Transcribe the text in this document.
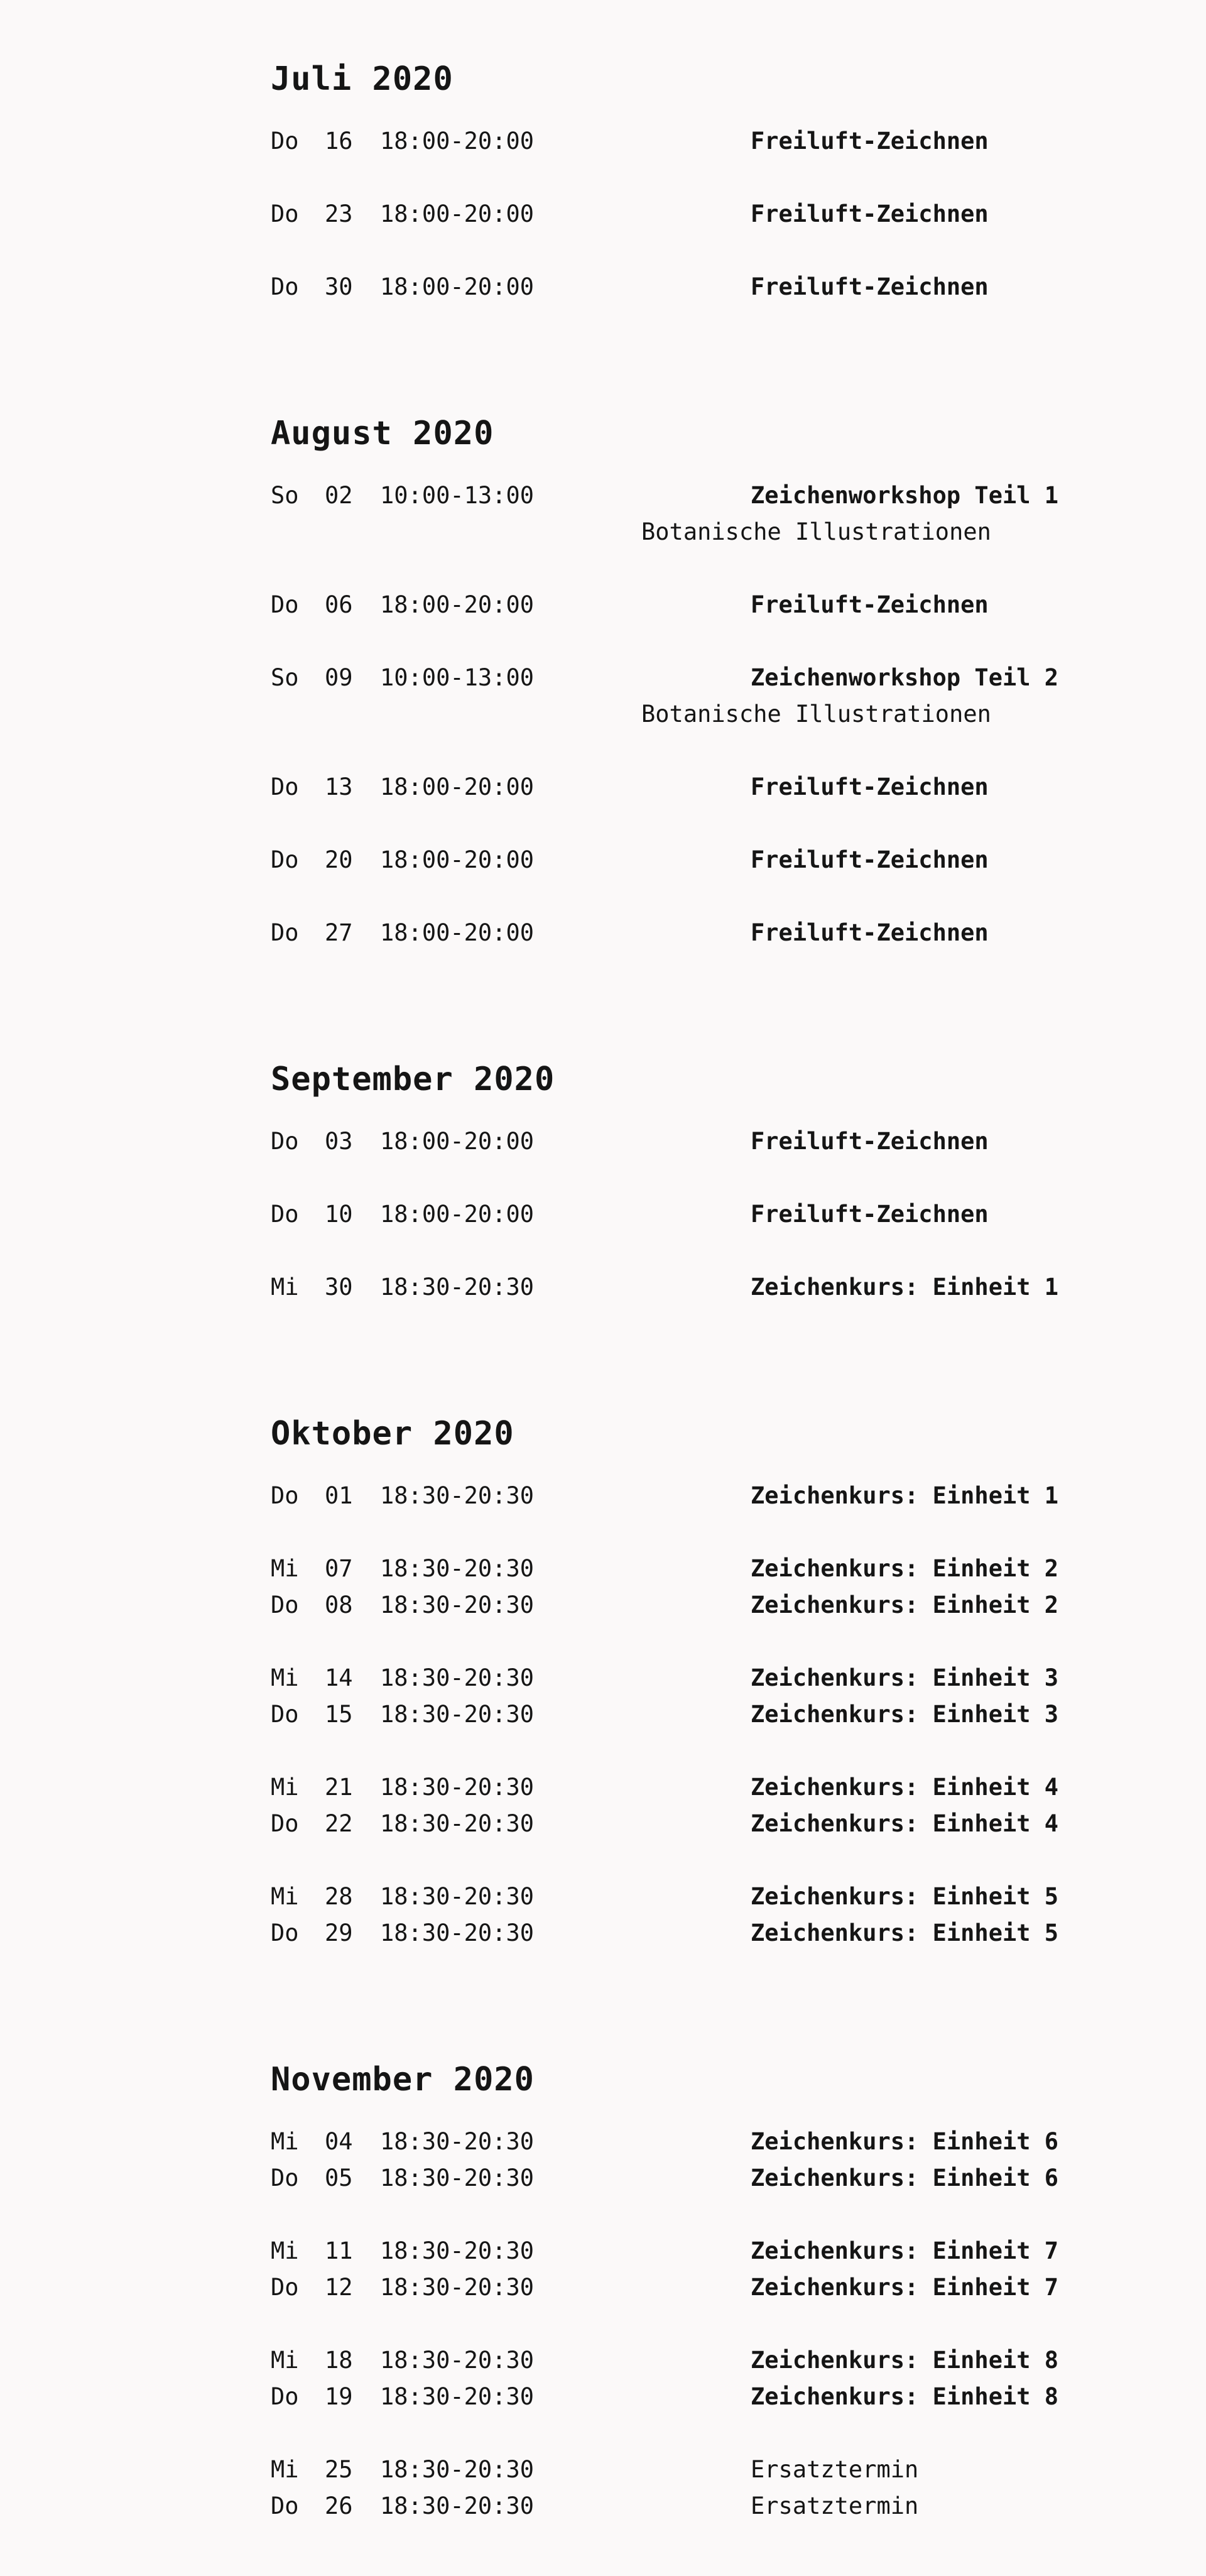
Juli 2020
Do	16	18:00-20:00	Freiluft-Zeichnen
Do	23	18:00-20:00	Freiluft-Zeichnen
Do	30	18:00-20:00	Freiluft-Zeichnen
August 2020
So	02	10:00-13:00	Zeichenworkshop Teil 1
Botanische Illustrationen
Do	06	18:00-20:00	Freiluft-Zeichnen
So	09	10:00-13:00	Zeichenworkshop Teil 2
Botanische Illustrationen
Do	13	18:00-20:00	Freiluft-Zeichnen
Do	20	18:00-20:00	Freiluft-Zeichnen
Do	27	18:00-20:00	Freiluft-Zeichnen
September 2020
Do	03	18:00-20:00	Freiluft-Zeichnen
Do	10	18:00-20:00	Freiluft-Zeichnen
Mi	30	18:30-20:30	Zeichenkurs: Einheit 1
Oktober 2020
Do	01	18:30-20:30	Zeichenkurs: Einheit 1
Mi	07	18:30-20:30	Zeichenkurs: Einheit 2
Do	08	18:30-20:30	Zeichenkurs: Einheit 2
Mi	14	18:30-20:30	Zeichenkurs: Einheit 3
Do	15	18:30-20:30	Zeichenkurs: Einheit 3
Mi	21	18:30-20:30	Zeichenkurs: Einheit 4
Do	22	18:30-20:30	Zeichenkurs: Einheit 4
Mi	28	18:30-20:30	Zeichenkurs: Einheit 5
Do	29	18:30-20:30	Zeichenkurs: Einheit 5
November 2020
Mi	04	18:30-20:30	Zeichenkurs: Einheit 6
Do	05	18:30-20:30	Zeichenkurs: Einheit 6
Mi	11	18:30-20:30	Zeichenkurs: Einheit 7
Do	12	18:30-20:30	Zeichenkurs: Einheit 7
Mi	18	18:30-20:30	Zeichenkurs: Einheit 8
Do	19	18:30-20:30	Zeichenkurs: Einheit 8
Mi	25	18:30-20:30	Ersatztermin
Do	26	18:30-20:30	Ersatztermin
